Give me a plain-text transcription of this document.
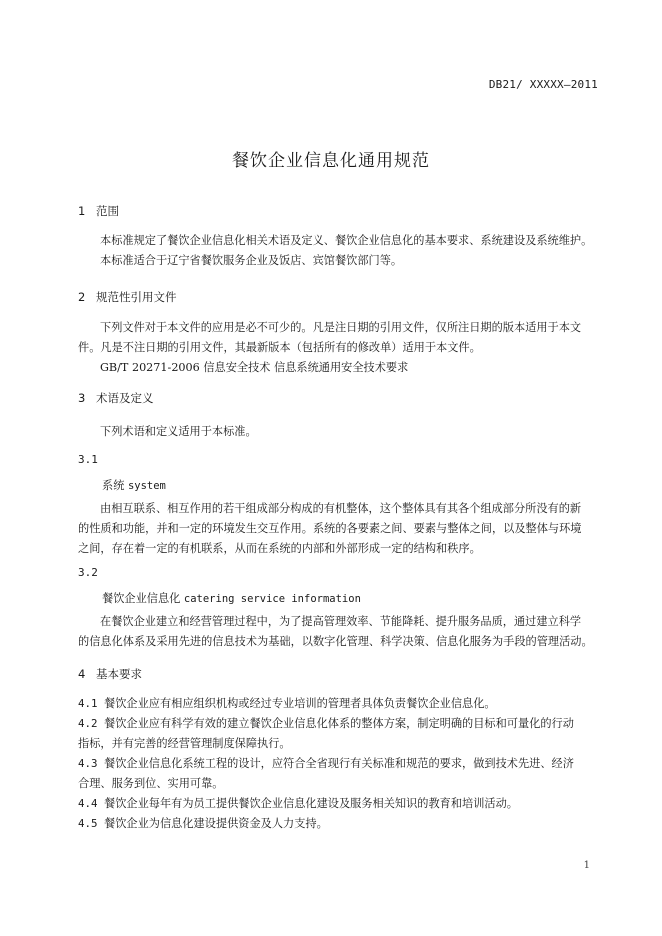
DB21/ XXXXX—2011
餐饮企业信息化通用规范
1 范围
本标准规定了餐饮企业信息化相关术语及定义、餐饮企业信息化的基本要求、系统建设及系统维护。
本标准适合于辽宁省餐饮服务企业及饭店、宾馆餐饮部门等。
2 规范性引用文件
下列文件对于本文件的应用是必不可少的。凡是注日期的引用文件，仅所注日期的版本适用于本文
件。凡是不注日期的引用文件，其最新版本（包括所有的修改单）适用于本文件。
GB/T 20271-2006 信息安全技术 信息系统通用安全技术要求
3 术语及定义
下列术语和定义适用于本标准。
3.1
系统 system
由相互联系、相互作用的若干组成部分构成的有机整体，这个整体具有其各个组成部分所没有的新
的性质和功能，并和一定的环境发生交互作用。系统的各要素之间、要素与整体之间，以及整体与环境
之间，存在着一定的有机联系，从而在系统的内部和外部形成一定的结构和秩序。
3.2
餐饮企业信息化 catering service information
在餐饮企业建立和经营管理过程中，为了提高管理效率、节能降耗、提升服务品质，通过建立科学
的信息化体系及采用先进的信息技术为基础，以数字化管理、科学决策、信息化服务为手段的管理活动。
4 基本要求
4.1 餐饮企业应有相应组织机构或经过专业培训的管理者具体负责餐饮企业信息化。
4.2 餐饮企业应有科学有效的建立餐饮企业信息化体系的整体方案，制定明确的目标和可量化的行动
指标，并有完善的经营管理制度保障执行。
4.3 餐饮企业信息化系统工程的设计，应符合全省现行有关标准和规范的要求，做到技术先进、经济
合理、服务到位、实用可靠。
4.4 餐饮企业每年有为员工提供餐饮企业信息化建设及服务相关知识的教育和培训活动。
4.5 餐饮企业为信息化建设提供资金及人力支持。
1
